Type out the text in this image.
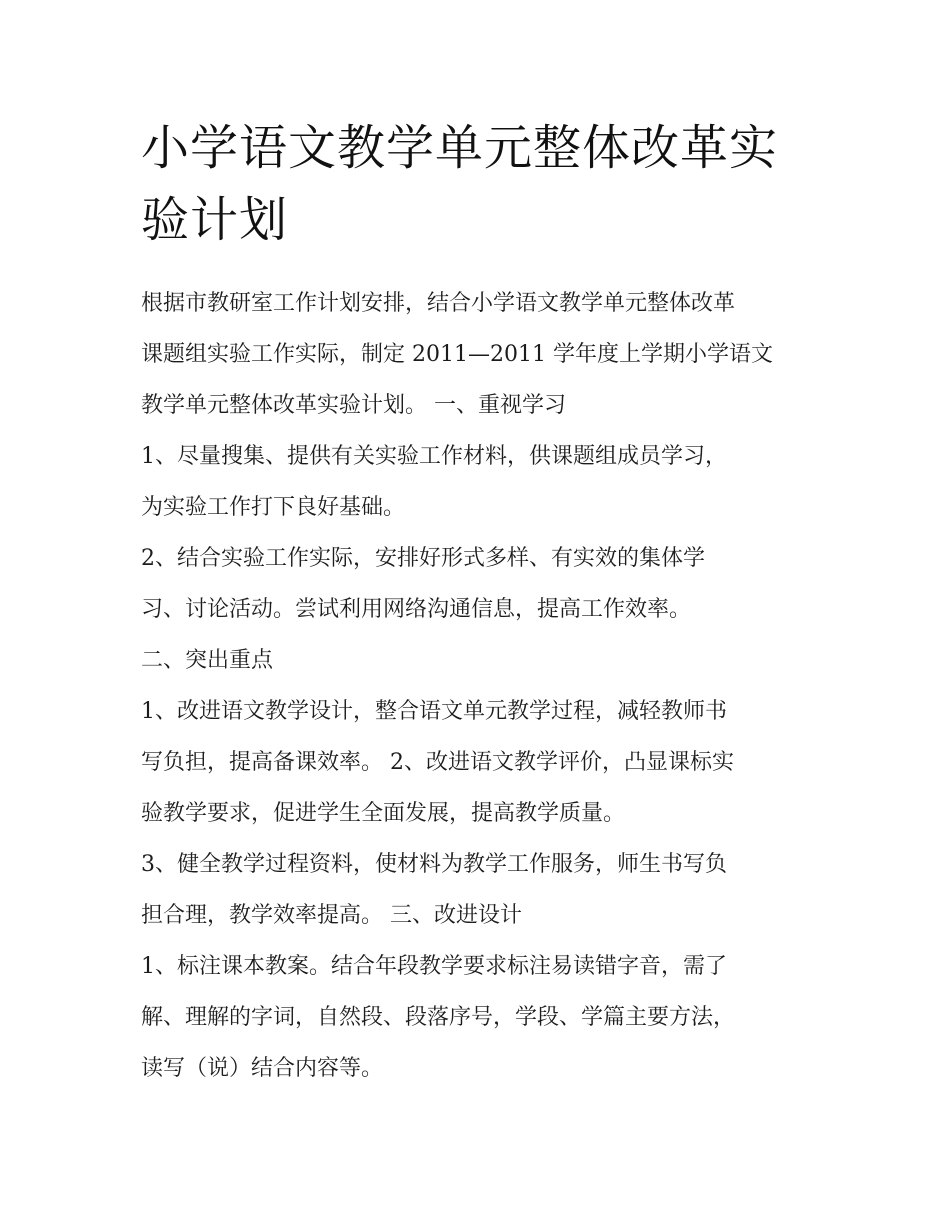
小学语文教学单元整体改革实
验计划

根据市教研室工作计划安排，结合小学语文教学单元整体改革
课题组实验工作实际，制定 2011—2011 学年度上学期小学语文
教学单元整体改革实验计划。 一、重视学习

1、尽量搜集、提供有关实验工作材料，供课题组成员学习，
为实验工作打下良好基础。

2、结合实验工作实际，安排好形式多样、有实效的集体学
习、讨论活动。尝试利用网络沟通信息，提高工作效率。

二、突出重点

1、改进语文教学设计，整合语文单元教学过程，减轻教师书
写负担，提高备课效率。 2、改进语文教学评价，凸显课标实
验教学要求，促进学生全面发展，提高教学质量。

3、健全教学过程资料，使材料为教学工作服务，师生书写负
担合理，教学效率提高。 三、改进设计

1、标注课本教案。结合年段教学要求标注易读错字音，需了
解、理解的字词，自然段、段落序号，学段、学篇主要方法，
读写（说）结合内容等。
